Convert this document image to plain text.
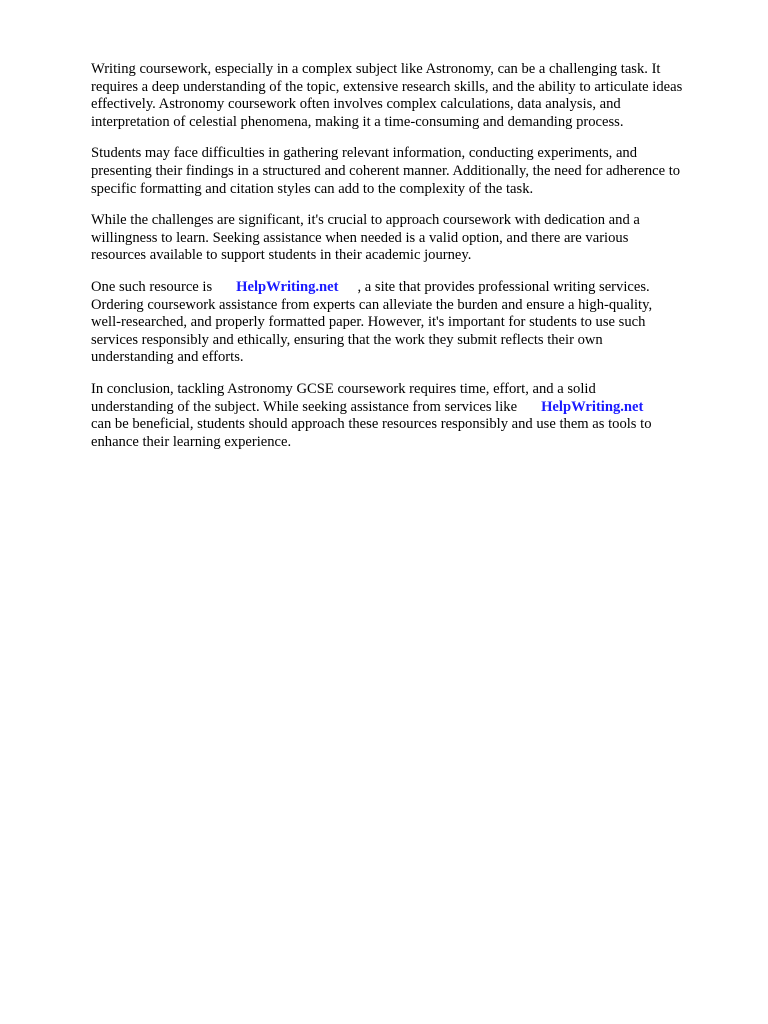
Writing coursework, especially in a complex subject like Astronomy, can be a challenging task. It
requires a deep understanding of the topic, extensive research skills, and the ability to articulate ideas
effectively. Astronomy coursework often involves complex calculations, data analysis, and
interpretation of celestial phenomena, making it a time-consuming and demanding process.

Students may face difficulties in gathering relevant information, conducting experiments, and
presenting their findings in a structured and coherent manner. Additionally, the need for adherence to
specific formatting and citation styles can add to the complexity of the task.

While the challenges are significant, it's crucial to approach coursework with dedication and a
willingness to learn. Seeking assistance when needed is a valid option, and there are various
resources available to support students in their academic journey.

One such resource is HelpWriting.net , a site that provides professional writing services.
Ordering coursework assistance from experts can alleviate the burden and ensure a high-quality,
well-researched, and properly formatted paper. However, it's important for students to use such
services responsibly and ethically, ensuring that the work they submit reflects their own
understanding and efforts.

In conclusion, tackling Astronomy GCSE coursework requires time, effort, and a solid
understanding of the subject. While seeking assistance from services like HelpWriting.net
can be beneficial, students should approach these resources responsibly and use them as tools to
enhance their learning experience.
